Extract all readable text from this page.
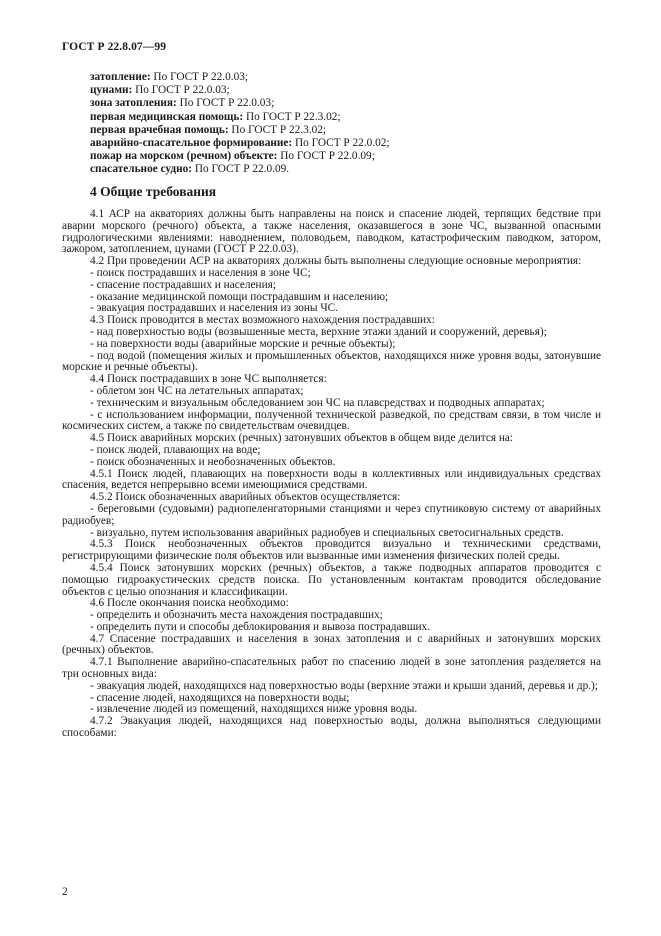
ГОСТ Р 22.8.07—99
затопление: По ГОСТ Р 22.0.03;
цунами: По ГОСТ Р 22.0.03;
зона затопления: По ГОСТ Р 22.0.03;
первая медицинская помощь: По ГОСТ Р 22.3.02;
первая врачебная помощь: По ГОСТ Р 22.3.02;
аварийно-спасательное формирование: По ГОСТ Р 22.0.02;
пожар на морском (речном) объекте: По ГОСТ Р 22.0.09;
спасательное судно: По ГОСТ Р 22.0.09.
4 Общие требования

4.1 АСР на акваториях должны быть направлены на поиск и спасение людей, терпящих бедствие при аварии морского (речного) объекта, а также населения, оказавшегося в зоне ЧС, вызванной опасными гидрологическими явлениями: наводнением, половодьем, паводком, катастрофическим паводком, затором, зажором, затоплением, цунами (ГОСТ Р 22.0.03).

4.2 При проведении АСР на акваториях должны быть выполнены следующие основные мероприятия:

- поиск пострадавших и населения в зоне ЧС;

- спасение пострадавших и населения;

- оказание медицинской помощи пострадавшим и населению;

- эвакуация пострадавших и населения из зоны ЧС.

4.3 Поиск проводится в местах возможного нахождения пострадавших:

- над поверхностью воды (возвышенные места, верхние этажи зданий и сооружений, деревья);

- на поверхности воды (аварийные морские и речные объекты);

- под водой (помещения жилых и промышленных объектов, находящихся ниже уровня воды, затонувшие морские и речные объекты).

4.4 Поиск пострадавших в зоне ЧС выполняется:

- облетом зон ЧС на летательных аппаратах;

- техническим и визуальным обследованием зон ЧС на плавсредствах и подводных аппаратах;

- с использованием информации, полученной технической разведкой, по средствам связи, в том числе и космических систем, а также по свидетельствам очевидцев.

4.5 Поиск аварийных морских (речных) затонувших объектов в общем виде делится на:

- поиск людей, плавающих на воде;

- поиск обозначенных и необозначенных объектов.

4.5.1 Поиск людей, плавающих на поверхности воды в коллективных или индивидуальных средствах спасения, ведется непрерывно всеми имеющимися средствами.

4.5.2 Поиск обозначенных аварийных объектов осуществляется:

- береговыми (судовыми) радиопеленгаторными станциями и через спутниковую систему от аварийных радиобуев;

- визуально, путем использования аварийных радиобуев и специальных светосигнальных средств.

4.5.3 Поиск необозначенных объектов проводится визуально и техническими средствами, регистрирующими физические поля объектов или вызванные ими изменения физических полей среды.

4.5.4 Поиск затонувших морских (речных) объектов, а также подводных аппаратов проводится с помощью гидроакустических средств поиска. По установленным контактам проводится обследование объектов с целью опознания и классификации.

4.6 После окончания поиска необходимо:

- определить и обозначить места нахождения пострадавших;

- определить пути и способы деблокирования и вывоза пострадавших.

4.7 Спасение пострадавших и населения в зонах затопления и с аварийных и затонувших морских (речных) объектов.

4.7.1 Выполнение аварийно-спасательных работ по спасению людей в зоне затопления разделяется на три основных вида:

- эвакуация людей, находящихся над поверхностью воды (верхние этажи и крыши зданий, деревья и др.);

- спасение людей, находящихся на поверхности воды;

- извлечение людей из помещений, находящихся ниже уровня воды.

4.7.2 Эвакуация людей, находящихся над поверхностью воды, должна выполняться следующими способами:

2
